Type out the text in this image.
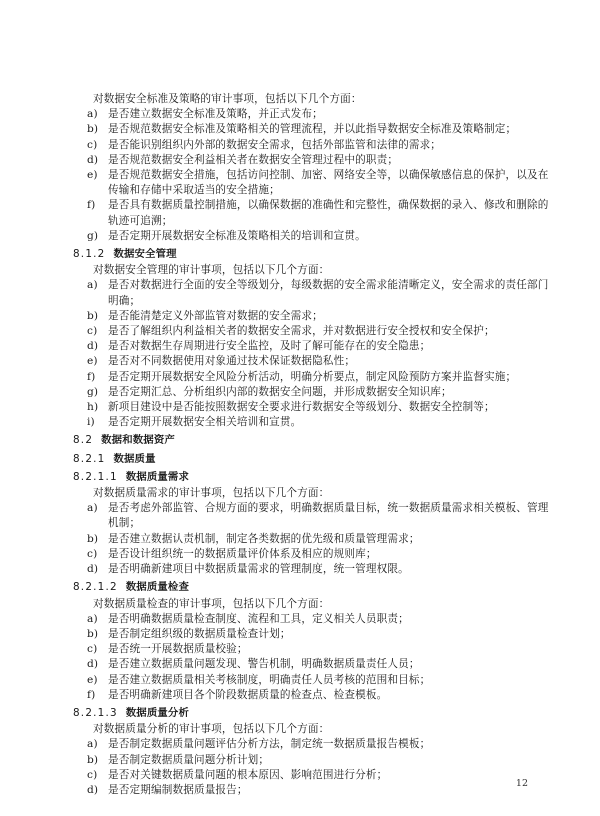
对数据安全标准及策略的审计事项，包括以下几个方面：
a) 是否建立数据安全标准及策略，并正式发布；
b) 是否规范数据安全标准及策略相关的管理流程，并以此指导数据安全标准及策略制定；
c)	是否能识别组织内外部的数据安全需求，包括外部监管和法律的需求；
d) 是否规范数据安全利益相关者在数据安全管理过程中的职责；
e) 是否规范数据安全措施，包括访问控制、加密、网络安全等，以确保敏感信息的保护，以及在
传输和存储中采取适当的安全措施；
f)	是否具有数据质量控制措施，以确保数据的准确性和完整性，确保数据的录入、修改和删除的
轨迹可追溯；
g) 是否定期开展数据安全标准及策略相关的培训和宣贯。
8.1.2 数据安全管理
对数据安全管理的审计事项，包括以下几个方面：
a) 是否对数据进行全面的安全等级划分，每级数据的安全需求能清晰定义，安全需求的责任部门
明确；
b) 是否能清楚定义外部监管对数据的安全需求；
c)	是否了解组织内利益相关者的数据安全需求，并对数据进行安全授权和安全保护；
d) 是否对数据生存周期进行安全监控，及时了解可能存在的安全隐患；
e) 是否对不同数据使用对象通过技术保证数据隐私性；
f)	是否定期开展数据安全风险分析活动，明确分析要点，制定风险预防方案并监督实施；
g) 是否定期汇总、分析组织内部的数据安全问题，并形成数据安全知识库；
h) 新项目建设中是否能按照数据安全要求进行数据安全等级划分、数据安全控制等；
i)	是否定期开展数据安全相关培训和宣贯。
8.2 数据和数据资产
8.2.1 数据质量
8.2.1.1 数据质量需求
对数据质量需求的审计事项，包括以下几个方面：
a) 是否考虑外部监管、合规方面的要求，明确数据质量目标，统一数据质量需求相关模板、管理
机制；
b) 是否建立数据认责机制，制定各类数据的优先级和质量管理需求；
c)	是否设计组织统一的数据质量评价体系及相应的规则库；
d) 是否明确新建项目中数据质量需求的管理制度，统一管理权限。
8.2.1.2 数据质量检查
对数据质量检查的审计事项，包括以下几个方面：
a) 是否明确数据质量检查制度、流程和工具，定义相关人员职责；
b) 是否制定组织级的数据质量检查计划；
c)	是否统一开展数据质量校验；
d) 是否建立数据质量问题发现、警告机制，明确数据质量责任人员；
e) 是否建立数据质量相关考核制度，明确责任人员考核的范围和目标；
f)	是否明确新建项目各个阶段数据质量的检查点、检查模板。
8.2.1.3 数据质量分析
对数据质量分析的审计事项，包括以下几个方面：
a) 是否制定数据质量问题评估分析方法，制定统一数据质量报告模板；
b) 是否制定数据质量问题分析计划；
c)	是否对关键数据质量问题的根本原因、影响范围进行分析；
d) 是否定期编制数据质量报告；
12
